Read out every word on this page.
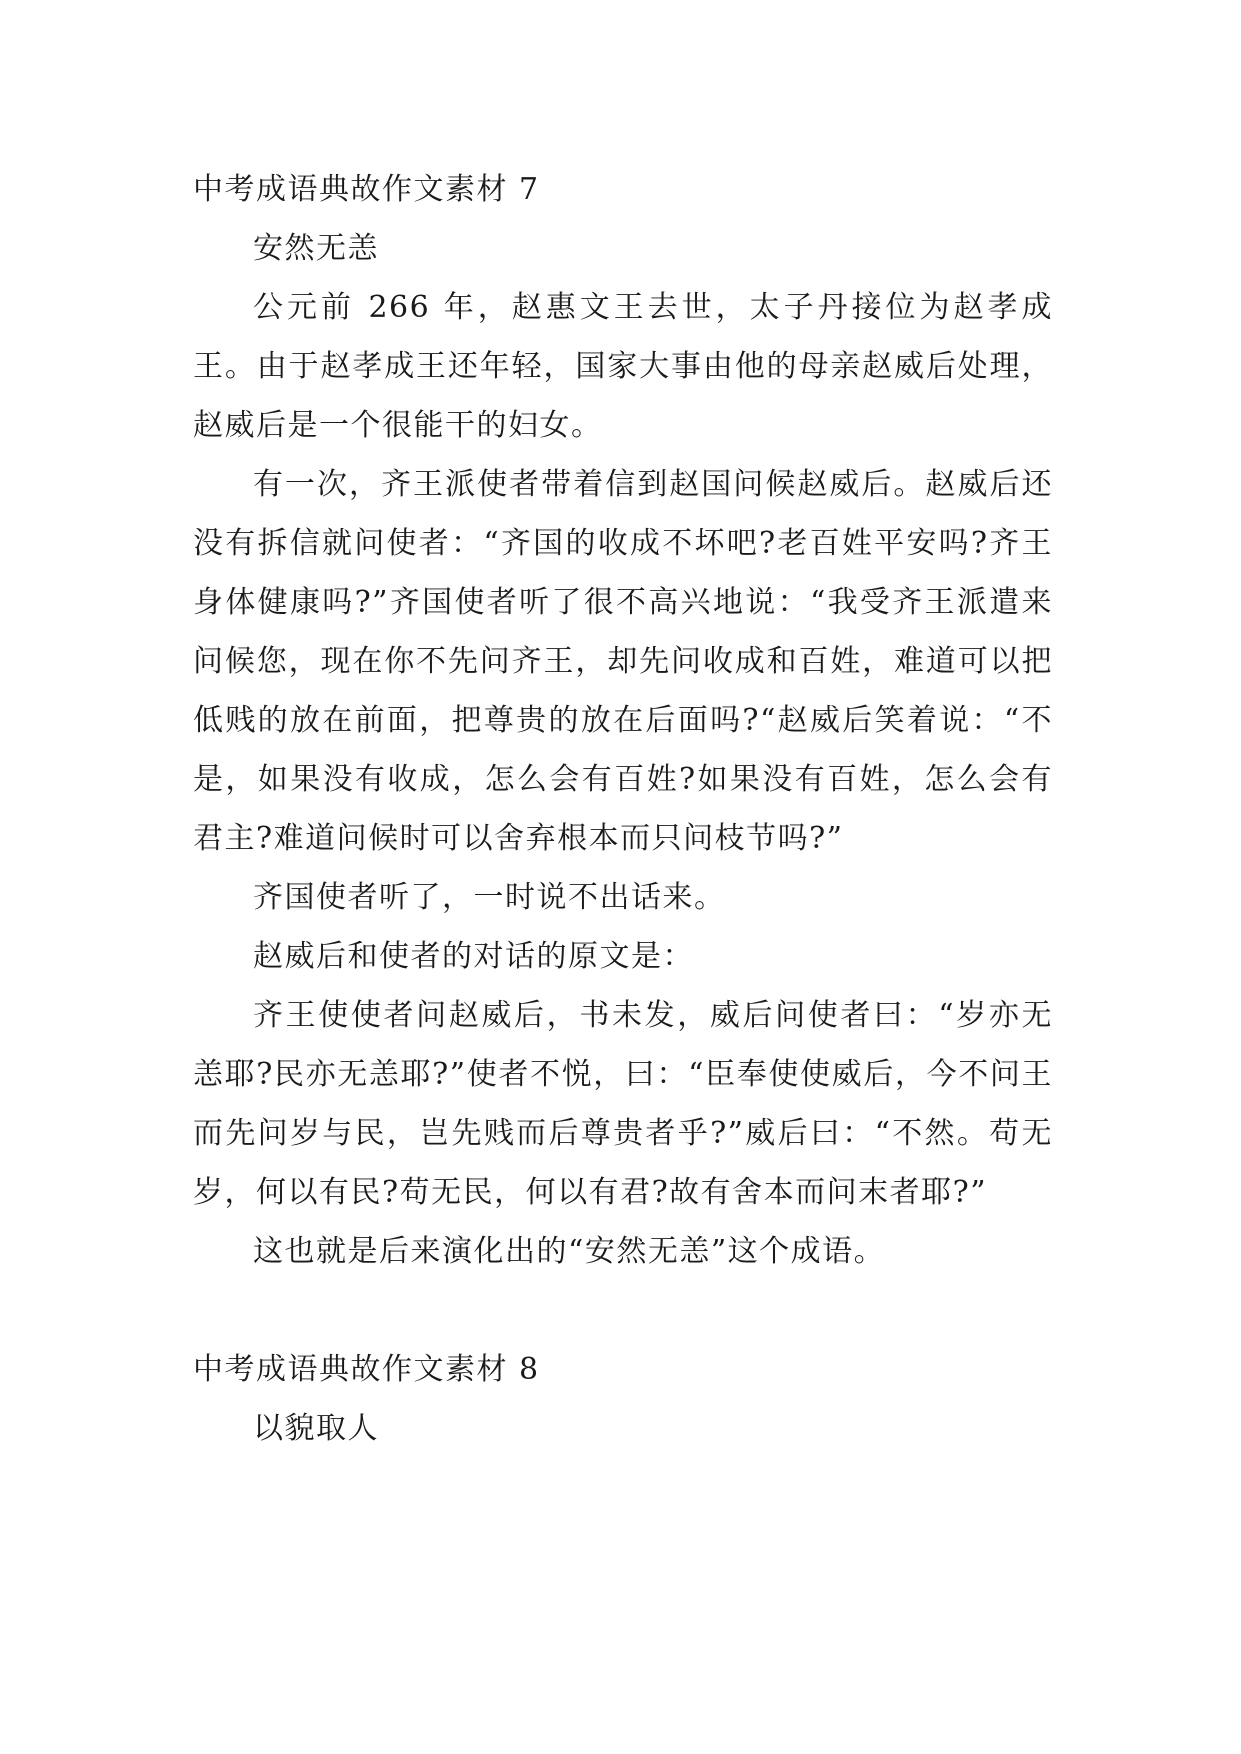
中考成语典故作文素材 7

安然无恙

公元前 266 年，赵惠文王去世，太子丹接位为赵孝成王。由于赵孝成王还年轻，国家大事由他的母亲赵威后处理，赵威后是一个很能干的妇女。

有一次，齐王派使者带着信到赵国问候赵威后。赵威后还没有拆信就问使者：“齐国的收成不坏吧?老百姓平安吗?齐王身体健康吗?”齐国使者听了很不高兴地说：“我受齐王派遣来问候您，现在你不先问齐王，却先问收成和百姓，难道可以把低贱的放在前面，把尊贵的放在后面吗?“赵威后笑着说：“不是，如果没有收成，怎么会有百姓?如果没有百姓，怎么会有君主?难道问候时可以舍弃根本而只问枝节吗?”

齐国使者听了，一时说不出话来。

赵威后和使者的对话的原文是：

齐王使使者问赵威后，书未发，威后问使者曰：“岁亦无恙耶?民亦无恙耶?”使者不悦，曰：“臣奉使使威后，今不问王而先问岁与民，岂先贱而后尊贵者乎?”威后曰：“不然。苟无岁，何以有民?苟无民，何以有君?故有舍本而问末者耶?”

这也就是后来演化出的“安然无恙”这个成语。

中考成语典故作文素材 8

以貌取人
